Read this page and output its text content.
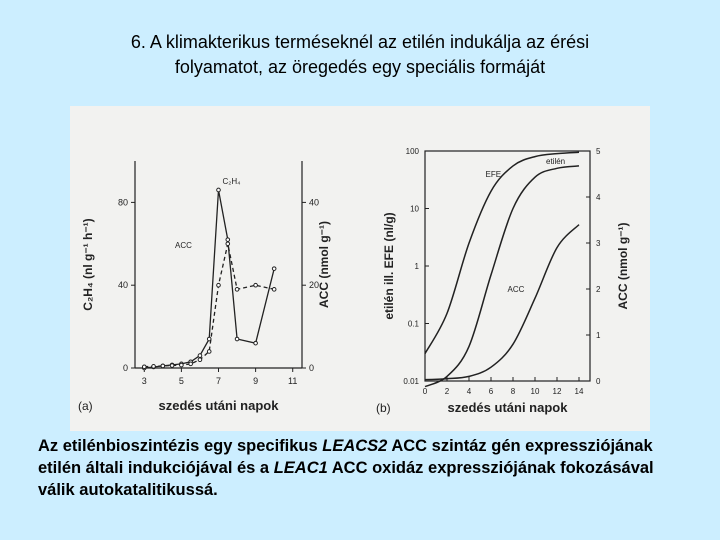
6. A klimakterikus terméseknél az etilén indukálja az érési
folyamatot, az öregedés egy speciális formáját
3	5	7	9	11
0
40
80
0
20
40
C₂H₄
ACC
szedés utáni napok
C₂H₄ (nl g⁻¹ h⁻¹)	ACC (nmol g⁻¹)
(a)
0 2 4 6 8 10 12 14
100
10
1
0.1
0.01	0
1
2
3
4
5
EFE
etilén
ACC
szedés utáni napok
etilén ill. EFE (nl/g)	ACC (nmol g⁻¹)
(b)
Az etilénbioszintézis egy specifikus LEACS2 ACC szintáz gén expressziójának etilén általi indukciójával és a LEAC1 ACC oxidáz expressziójának fokozásával válik autokatalitikussá.
